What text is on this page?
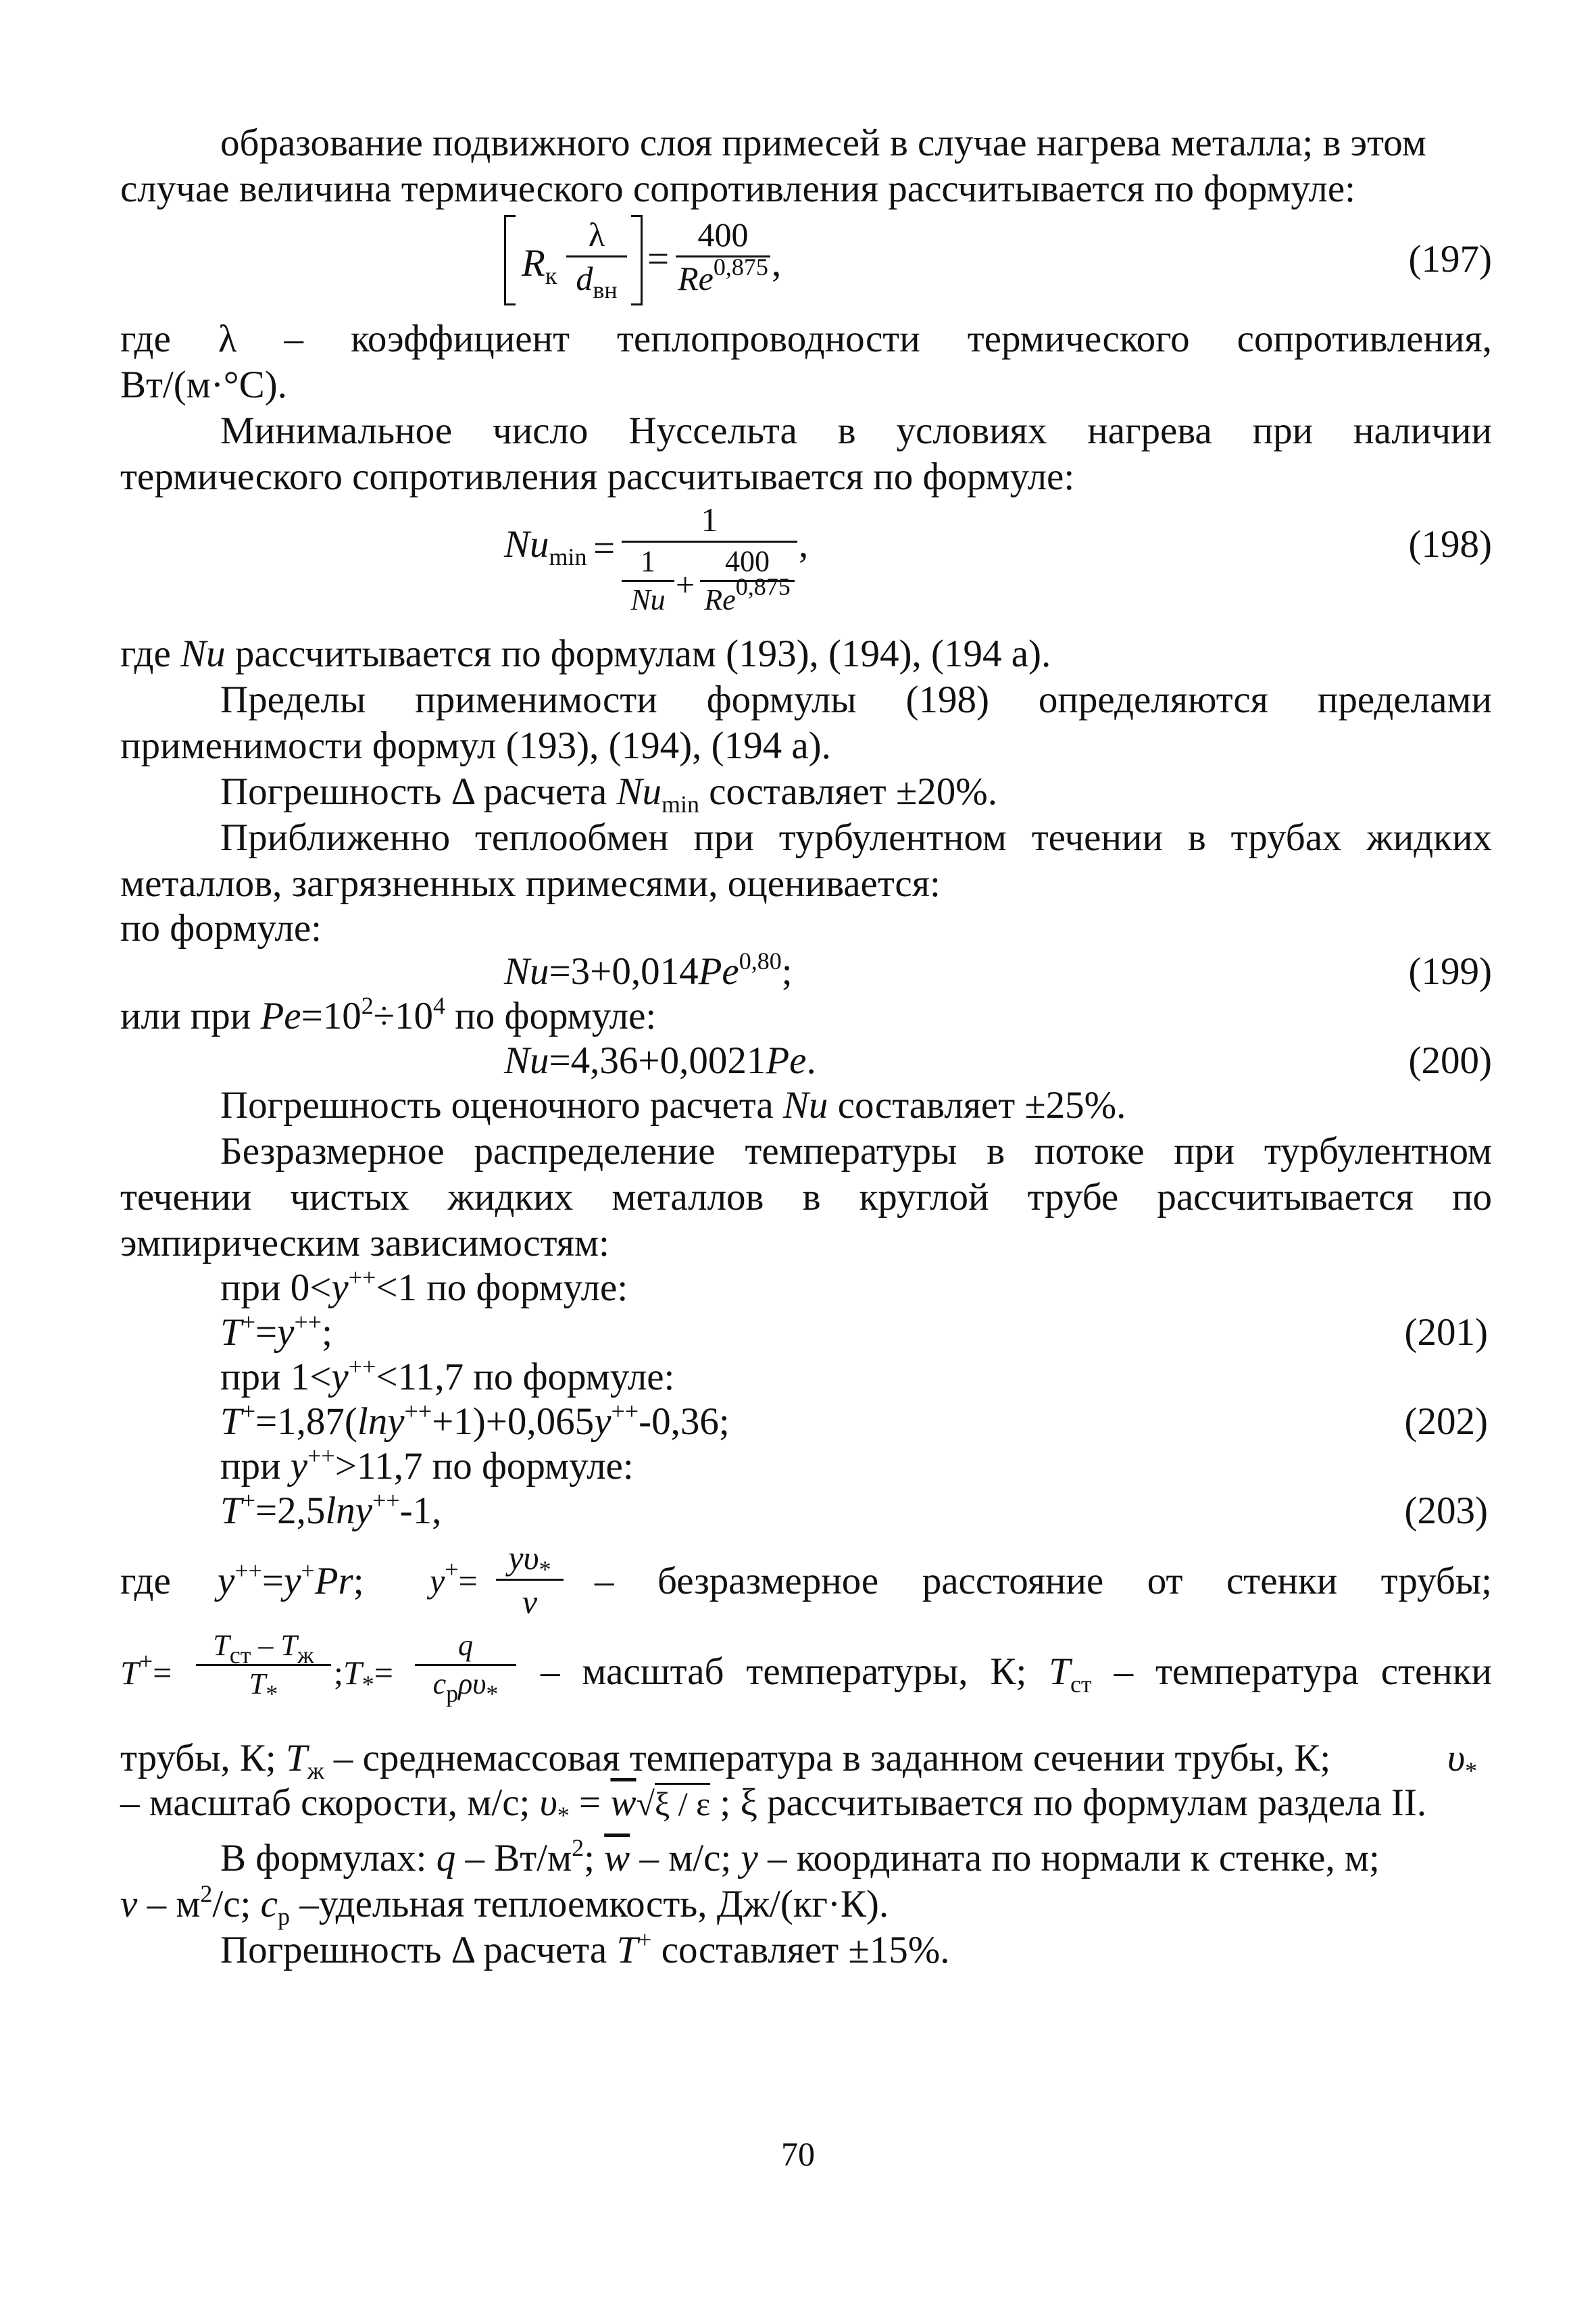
образование подвижного слоя примесей в случае нагрева металла; в этом
случае величина термического сопротивления рассчитывается по формуле:
$R_к$
λ
$d_{вн}$
=
400
Re$^{0,875}$ ,	(197)
где λ – коэффициент теплопроводности термического сопротивления,
Вт/(м·°С).
Минимальное число Нуссельта в условиях нагрева при наличии
термического сопротивления рассчитывается по формуле:
$Nu_{min}$ =
1
1
Nu +
400
Re$^{0,875}$
,	(198)
где Nu рассчитывается по формулам (193), (194), (194 а).
Пределы применимости формулы (198) определяются пределами
применимости формул (193), (194), (194 а).
Погрешность Δ расчета $Nu_{min}$ составляет ±20%.
Приближенно теплообмен при турбулентном течении в трубах жидких
металлов, загрязненных примесями, оценивается:
по формуле:
Nu=3+0,014Pe$^{0,80}$;	(199)
или при $Pe=10^2\div 10^4$ по формуле:
Nu=4,36+0,0021Pe.	(200)
Погрешность оценочного расчета Nu составляет ±25%.
Безразмерное распределение температуры в потоке при турбулентном
течении чистых жидких металлов в круглой трубе рассчитывается по
эмпирическим зависимостям:
при 0<y++<1 по формуле:
T+=y++;	(201)
при 1<y++<11,7 по формуле:
T+=1,87(lny+++1)+0,065y++-0,36;	(202)
при y++>11,7 по формуле:
T+=2,5lny++-1,	(203)
где y++=y+Pr; y+=
$y\upsilon_*$
ν	– безразмерное расстояние от стенки трубы;
T+=
$T_{ст} - T_ж$
$T_*$
$;T_*=$
q
$c_p\rho\upsilon_*$
– масштаб температуры, К; $T_{ст}$ – температура стенки
трубы, К; $T_ж$ – среднемассовая температура в заданном сечении трубы, К;	$\upsilon_*$
– масштаб скорости, м/с; $\upsilon_* = \overline{w}√\xi / \varepsilon$ ; ξ рассчитывается по формулам раздела II.
В формулах: q – $Вт/м^2$; $\overline{w} - м/с$; y – координата по нормали к стенке, м;
ν – $м^2/с$; $c_p$ –удельная теплоемкость, Дж/(кг·К).
Погрешность Δ расчета T+ составляет ±15%.
70
